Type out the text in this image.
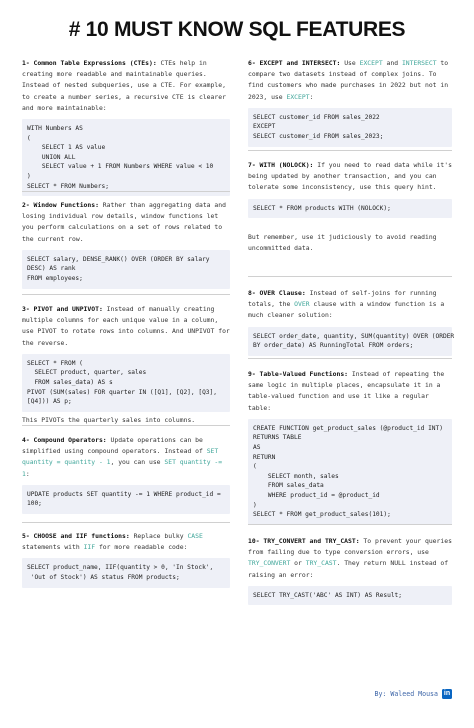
# 10 MUST KNOW SQL FEATURES
1- Common Table Expressions (CTEs): CTEs help in creating more readable and maintainable queries. Instead of nested subqueries, use a CTE. For example, to create a number series, a recursive CTE is clearer and more maintainable:
WITH Numbers AS
(
SELECT 1 AS value
UNION ALL
SELECT value + 1 FROM Numbers WHERE value < 10
)
SELECT * FROM Numbers;
2- Window Functions: Rather than aggregating data and losing individual row details, window functions let you perform calculations on a set of rows related to the current row.
SELECT salary, DENSE_RANK() OVER (ORDER BY salary
DESC) AS rank
FROM employees;
3- PIVOT and UNPIVOT: Instead of manually creating multiple columns for each unique value in a column, use PIVOT to rotate rows into columns. And UNPIVOT for the reverse.
SELECT * FROM (
SELECT product, quarter, sales
FROM sales_data) AS s
PIVOT (SUM(sales) FOR quarter IN ([Q1], [Q2], [Q3],
[Q4])) AS p;
This PIVOTs the quarterly sales into columns.
4- Compound Operators: Update operations can be simplified using compound operators. Instead of SET quantity = quantity - 1, you can use SET quantity -= 1:
UPDATE products SET quantity -= 1 WHERE product_id =
100;
5- CHOOSE and IIF functions: Replace bulky CASE statements with IIF for more readable code:
SELECT product_name, IIF(quantity > 0, 'In Stock',
'Out of Stock') AS status FROM products;
6- EXCEPT and INTERSECT: Use EXCEPT and INTERSECT to compare two datasets instead of complex joins. To find customers who made purchases in 2022 but not in 2023, use EXCEPT:
SELECT customer_id FROM sales_2022
EXCEPT
SELECT customer_id FROM sales_2023;
7- WITH (NOLOCK): If you need to read data while it's being updated by another transaction, and you can tolerate some inconsistency, use this query hint.
SELECT * FROM products WITH (NOLOCK);
But remember, use it judiciously to avoid reading uncommitted data.
8- OVER Clause: Instead of self-joins for running totals, the OVER clause with a window function is a much cleaner solution:
SELECT order_date, quantity, SUM(quantity) OVER (ORDER
BY order_date) AS RunningTotal FROM orders;
9- Table-Valued Functions: Instead of repeating the same logic in multiple places, encapsulate it in a table-valued function and use it like a regular table:
CREATE FUNCTION get_product_sales (@product_id INT)
RETURNS TABLE
AS
RETURN
(
SELECT month, sales
FROM sales_data
WHERE product_id = @product_id
)
SELECT * FROM get_product_sales(101);
10- TRY_CONVERT and TRY_CAST: To prevent your queries from failing due to type conversion errors, use TRY_CONVERT or TRY_CAST. They return NULL instead of raising an error:
SELECT TRY_CAST('ABC' AS INT) AS Result;
By: Waleed Mousa in
